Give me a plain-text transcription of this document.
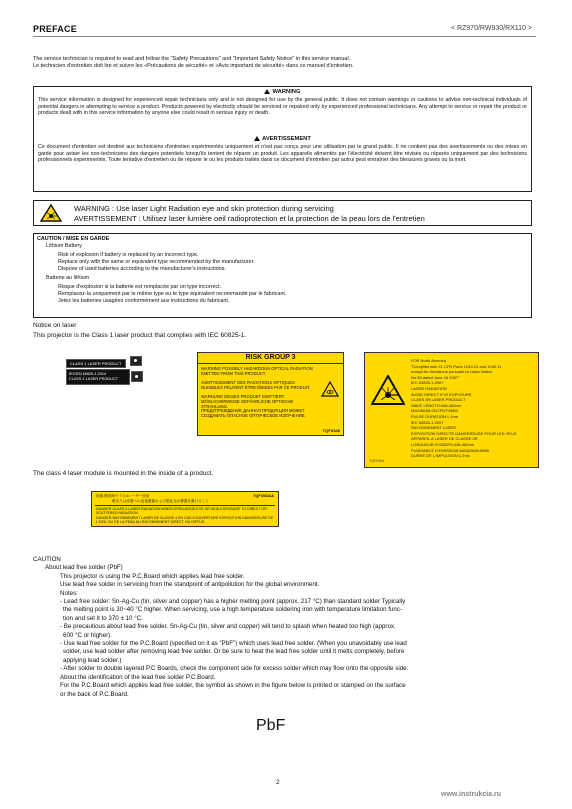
PREFACE	< RZ970/RW930/RX110 >
The service technician is required to read and follow the "Safety Precautions" and "Important Safety Notice" in this service manual.
Le technicien d'entretien doit lire et suivre les «Précautions de sécurité» et «Avis important de sécurité» dans ce manuel d'entretien.
WARNING
This service information is designed for experienced repair technicians only and is not designed for use by the general public. It does not contain warnings or cautions to advise non-technical individuals of potential dangers in attempting to service a product. Products powered by electricity should be serviced or repaired only by experienced professional technicians. Any attempt to service or repair the product or products dealt with in this service information by anyone else could result in serious injury or death.
AVERTISSEMENT
Ce document d'entretien est destiné aux techniciens d'entretien expérimentés uniquement et n'est pas conçu pour une utilisation par le grand public. Il ne contient pas des avertissements ou des mises en garde pour aviser les non-techniciens des dangers potentiels lorsqu'ils tentent de réparer un produit. Les appareils alimentés par l'électricité doivent être révisés ou réparés uniquement par des techniciens professionnels expérimentés. Toute tentative d'entretien ou de réparer le ou les produits traités dans ce document d'entretien par autrui peut entraîner des blessures graves ou la mort.
WARNING : Use laser Light Radiation eye and skin protection during servicing
AVERTISSEMENT : Utilisez laser lumière oeil radioprotection et la protection de la peau lors de l'entretien
CAUTION / MISE EN GARDE
Lithium Battery
Risk of explosion if battery is replaced by an incorrect type.
Replace only with the same or equivalent type recommended by the manufacturer.
Dispose of used batteries according to the manufacturer's instructions.
Batterie au lithium
Risque d'explosion si la batterie est remplacée par un type incorrect.
Remplacez-la uniquement par le même type ou le type équivalent recommandé par le fabricant.
Jetez les batteries usagées conformément aux instructions du fabricant.
Notice on laser
This projector is the Class 1 laser product that complies with IEC 60825-1.
CLASS 1 LASER PRODUCT
IEC/EN 60825-1:2014
CLASS 1 LASER PRODUCT
RISK GROUP 3
WARNING POSSIBLY HAZARDOUS OPTICAL RADIATION EMITTED FROM THIS PRODUCT.
AVERTISSEMENT DES RADIATIONS OPTIQUES NUISIBLES PEUVENT ÊTRE ÉMISES PAR CE PRODUIT.
WARNUNG DIESES PRODUKT EMITTIERT MÖGLICHERWEISE GEFÄHRLICHE OPTISCHE STRAHLUNG.
ПРЕДУПРЕЖДЕНИЕ ДАННАЯ ПРОДУКЦИЯ МОЖЕТ СОЗДАВАТЬ ОПАСНОЕ ОПТИЧЕСКОЕ ИЗЛУЧЕНИЕ.
TQFX340
FOR North America
"Complies with 21 CFR Parts 1040.10 and 1040.11
except for deviations pursuant to Laser Notice
No.50 dated June 24 2007"
IEC 60825-1:2007
LASER RADIATION
AVOID DIRECT EYE EXPOSURE
CLASS 3R LASER PRODUCT
WAVE LENGTH:448-462nm
MAXIMUM OUTPUT:5MW
PULSE DURATION:1.1ms
IEC 60825-1:2007
RAYONNEMENT LASER
EXPOSITION DIRECTE DANGEREUSE POUR LES YEUX
APPAREIL A LASER DE CLASSE 3R
LONGUEUR D'ONDES:448-462nm
PUISSANCE D'EMISSION MAXIMUM:5MW
DUREE DE L'IMPULSION:1.1ms
TQFX354
The class 4 laser module is mounted in the inside of a product.
危険-開放時クラス4レーザー放射
眼または皮膚への直接暴露および散乱光の暴露を避けること
TQFX502AA
DANGER-CLASS 4 LASER RADIATION WHEN OPEN AVOID EYE OR SKIN EXPOSURE TO DIRECT OR SCATTERED RADIATION
DANGER-RAYONNEMENT LASER DE CLASSE 4 EN CAS D'OUVERTURE EXPOSITION DANGEREUSE DE L'OEIL OU DE LA PEAU AU RAYONNEMENT DIRECT OU DIFFUS
CAUTION
About lead free solder (PbF)
This projector is using the P.C.Board which applies lead free solder.
Use lead free solder in servicing from the standpoint of antipollution for the global environment.
Notes:
- Lead free solder: Sn-Ag-Cu (tin, silver and copper) has a higher melting point (approx. 217 °C) than standard solder Typically
the melting point is 30~40 °C higher. When servicing, use a high temperature soldering iron with temperature limitation func-
tion and set it to 370 ± 10 °C.
- Be precautious about lead free solder. Sn-Ag-Cu (tin, silver and copper) will tend to splash when heated too high (approx.
600 °C or higher).
- Use lead free solder for the P.C.Board (specified on it as "PbF") which uses lead free solder. (When you unavoidably use lead
solder, use lead solder after removing lead free solder. Or be sure to heat the lead free solder until it melts completely, before
applying lead solder.)
- After solder to double layered P.C Boards, check the component side for excess solder which may flow onto the opposite side.
About the identification of the lead free solder P.C.Board.
For the P.C.Board which applies lead free solder, the symbol as shown in the figure below is printed or stamped on the surface
or the back of P.C.Board.
PbF
2
www.instrukcia.ru
